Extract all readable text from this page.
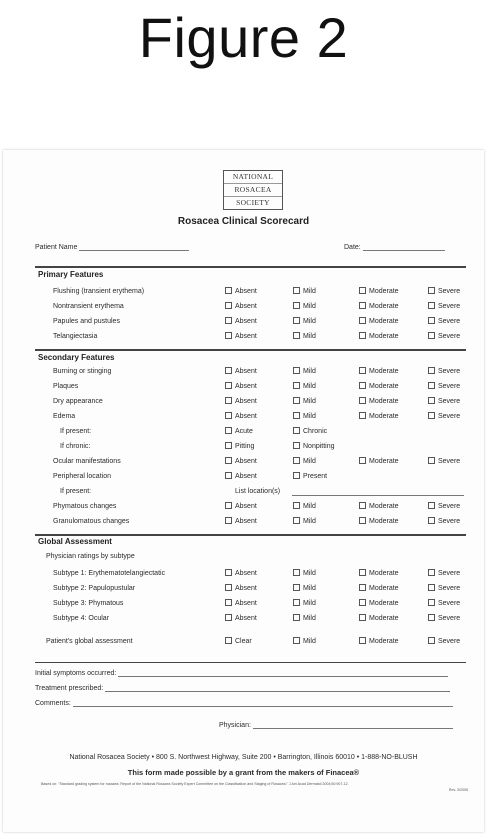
Figure 2
NATIONAL
ROSACEA
SOCIETY
Rosacea Clinical Scorecard
Patient Name	Date:
Primary Features
Flushing (transient erythema)	Absent	Mild	Moderate	Severe
Nontransient erythema	Absent	Mild	Moderate	Severe
Papules and pustules	Absent	Mild	Moderate	Severe
Telangiectasia	Absent	Mild	Moderate	Severe
Secondary Features
Burning or stinging	Absent	Mild	Moderate	Severe
Plaques	Absent	Mild	Moderate	Severe
Dry appearance	Absent	Mild	Moderate	Severe
Edema	Absent	Mild	Moderate	Severe
If present:	Acute	Chronic
If chronic:	Pitting	Nonpitting
Ocular manifestations	Absent	Mild	Moderate	Severe
Peripheral location	Absent	Present
If present:	List location(s)
Phymatous changes	Absent	Mild	Moderate	Severe
Granulomatous changes	Absent	Mild	Moderate	Severe
Global Assessment
Physician ratings by subtype
Subtype 1: Erythematotelangiectatic	Absent	Mild	Moderate	Severe
Subtype 2: Papulopustular	Absent	Mild	Moderate	Severe
Subtype 3: Phymatous	Absent	Mild	Moderate	Severe
Subtype 4: Ocular	Absent	Mild	Moderate	Severe
Patient's global assessment	Clear	Mild	Moderate	Severe
Initial symptoms occurred:
Treatment prescribed:
Comments:
Physician:
National Rosacea Society • 800 S. Northwest Highway, Suite 200 • Barrington, Illinois 60010 • 1-888-NO-BLUSH
This form made possible by a grant from the makers of Finacea®
Based on: "Standard grading system for rosacea: Report of the National Rosacea Society Expert Committee on the Classification and Staging of Rosacea." J Am Acad Dermatol 2004;50:907-12.
Rev. 3/2005
